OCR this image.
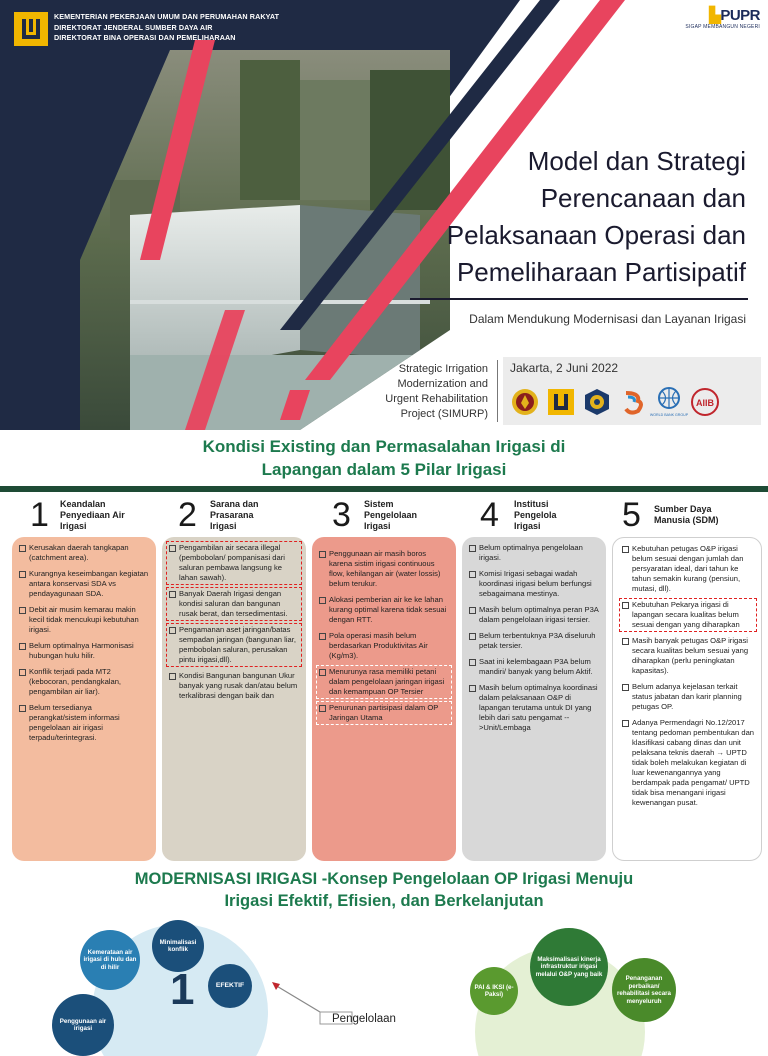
KEMENTERIAN PEKERJAAN UMUM DAN PERUMAHAN RAKYAT
DIREKTORAT JENDERAL SUMBER DAYA AIR
DIREKTORAT BINA OPERASI DAN PEMELIHARAAN
▙PUPR
SIGAP MEMBANGUN NEGERI
Model dan Strategi
Perencanaan dan
Pelaksanaan Operasi dan
Pemeliharaan Partisipatif
Dalam Mendukung Modernisasi dan Layanan Irigasi
Strategic Irrigation
Modernization and
Urgent Rehabilitation
Project (SIMURP)
Jakarta, 2 Juni 2022
WORLD BANK GROUP
AIIB
Kondisi Existing dan Permasalahan Irigasi di
Lapangan dalam 5 Pilar Irigasi
1 Keandalan Penyediaan Air Irigasi	2 Sarana dan Prasarana Irigasi	3 Sistem Pengelolaan Irigasi	4 Institusi Pengelola Irigasi	5 Sumber Daya Manusia (SDM)
Kerusakan daerah tangkapan (catchment area).
Kurangnya keseimbangan kegiatan antara konservasi SDA vs pendayagunaan SDA.
Debit air musim kemarau makin kecil tidak mencukupi kebutuhan irigasi.
Belum optimalnya Harmonisasi hubungan hulu hilir.
Konflik terjadi pada MT2 (kebocoran, pendangkalan, pengambilan air liar).
Belum tersedianya perangkat/sistem informasi pengelolaan air irigasi terpadu/terintegrasi.
Pengambilan air secara illegal (pembobolan/ pompanisasi dari saluran pembawa langsung ke lahan sawah).
Banyak Daerah Irigasi dengan kondisi saluran dan bangunan rusak berat, dan tersedimentasi.
Pengamanan aset jaringan/batas sempadan jaringan (bangunan liar, pembobolan saluran, perusakan pintu irigasi,dll).
Kondisi Bangunan bangunan Ukur banyak yang rusak dan/atau belum terkalibrasi dengan baik dan
Penggunaan air masih boros karena sistim irigasi continuous flow, kehilangan air (water lossis) belum terukur.
Alokasi pemberian air ke ke lahan kurang optimal karena tidak sesuai dengan RTT.
Pola operasi masih belum berdasarkan Produktivitas Air (Kg/m3).
Menurunya rasa memiliki petani dalam pengelolaan jaringan irigasi dan kemampuan OP Tersier
Penurunan partisipasi dalam OP Jaringan Utama
Belum optimalnya pengelolaan irigasi.
Komisi Irigasi sebagai wadah koordinasi irigasi belum berfungsi sebagaimana mestinya.
Masih belum optimalnya peran P3A dalam pengelolaan irigasi tersier.
Belum terbentuknya P3A diseluruh petak tersier.
Saat ini kelembagaan P3A belum mandiri/ banyak yang belum Aktif.
Masih belum optimalnya koordinasi dalam pelaksanaan O&P di lapangan terutama untuk DI yang lebih dari satu pengamat -- >Unit/Lembaga
Kebutuhan petugas O&P irigasi belum sesuai dengan jumlah dan persyaratan ideal, dari tahun ke tahun semakin kurang (pensiun, mutasi, dll).
Kebutuhan Pekarya irigasi di lapangan secara kualitas belum sesuai dengan yang diharapkan
Masih banyak petugas O&P irigasi secara kualitas belum sesuai yang diharapkan (perlu peningkatan kapasitas).
Belum adanya kejelasan terkait status jabatan dan karir planning petugas OP.
Adanya Permendagri No.12/2017 tentang pedoman pembentukan dan klasifikasi cabang dinas dan unit pelaksana teknis daerah → UPTD tidak boleh melakukan kegiatan di luar kewenangannya yang berdampak pada pengamat/ UPTD tidak bisa menangani irigasi kewenangan pusat.
MODERNISASI IRIGASI -Konsep Pengelolaan OP Irigasi Menuju
Irigasi Efektif, Efisien, dan Berkelanjutan
Kemerataan air irigasi di hulu dan di hilir
Minimalisasi konflik
Penggunaan air irigasi
1	EFEKTIF
Pengelolaan
PAI & IKSI (e-Paksi)
Maksimalisasi kinerja infrastruktur irigasi melalui O&P yang baik
Penanganan perbaikan/ rehabilitasi secara menyeluruh
